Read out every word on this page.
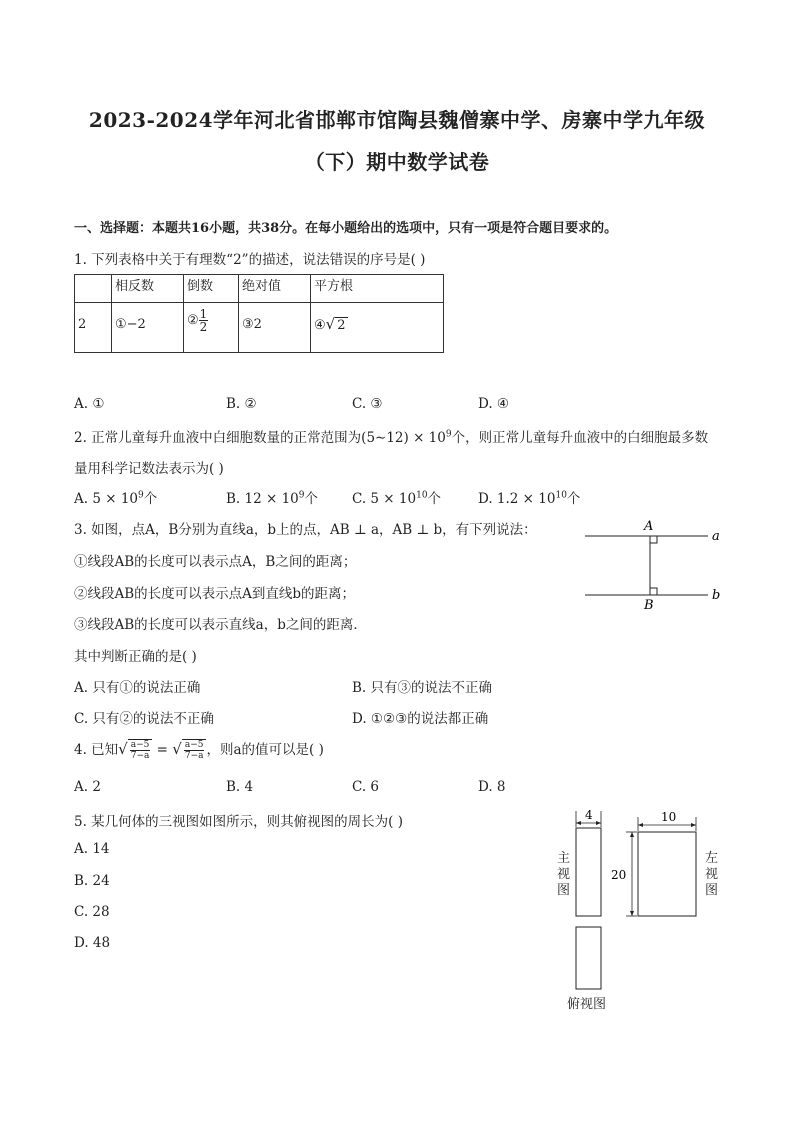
2023-2024学年河北省邯郸市馆陶县魏僧寨中学、房寨中学九年级
（下）期中数学试卷
一、选择题：本题共16小题，共38分。在每小题给出的选项中，只有一项是符合题目要求的。
1. 下列表格中关于有理数“2”的描述，说法错误的序号是( )
	相反数	倒数	绝对值	平方根
2	①−2	② $\frac{1}{2}$	③2	④√ 2
A. ①	B. ②	C. ③	D. ④
2. 正常儿童每升血液中白细胞数量的正常范围为(5∼12) × $10^9$个，则正常儿童每升血液中的白细胞最多数
量用科学记数法表示为( )
A. $5 \times 10^9$个	B. $12 \times 10^9$个	C. $5 \times 10^{10}$个	D. $1.2 \times 10^{10}$个
3. 如图，点A，B分别为直线a，b上的点，AB ⊥ a，AB ⊥ b，有下列说法：
①线段AB的长度可以表示点A，B之间的距离；
②线段AB的长度可以表示点A到直线b的距离；
③线段AB的长度可以表示直线a，b之间的距离．
其中判断正确的是( )
A. 只有①的说法正确	B. 只有③的说法不正确
C. 只有②的说法不正确	D. ①②③的说法都正确
A
B
a
b
4. 已知√ $\frac{a-5}{7-a}$ = √ $\frac{a-5}{7-a}$ ，则a的值可以是( )
A. 2	B. 4	C. 6	D. 8
5. 某几何体的三视图如图所示，则其俯视图的周长为( )
A. 14
B. 24
C. 28
D. 48
4	10
20
主视图
左视图
俯视图
